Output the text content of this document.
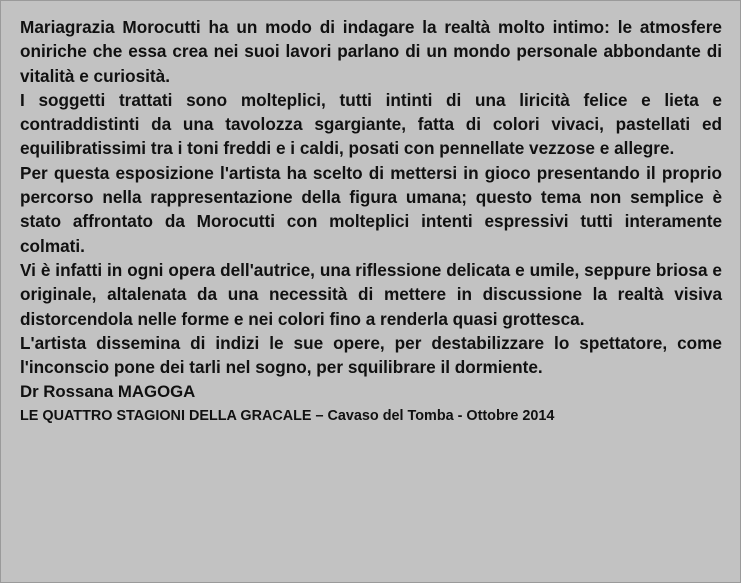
Mariagrazia Morocutti ha un modo di indagare la realtà molto intimo: le atmosfere oniriche che essa crea nei suoi lavori parlano di un mondo personale abbondante di vitalità e curiosità.

I soggetti trattati sono molteplici, tutti intinti di una liricità felice e lieta e contraddistinti da una tavolozza sgargiante, fatta di colori vivaci, pastellati ed equilibratissimi tra i toni freddi e i caldi, posati con pennellate vezzose e allegre.

Per questa esposizione l'artista ha scelto di mettersi in gioco presentando il proprio percorso nella rappresentazione della figura umana; questo tema non semplice è stato affrontato da Morocutti con molteplici intenti espressivi tutti interamente colmati.

Vi è infatti in ogni opera dell'autrice, una riflessione delicata e umile, seppure briosa e originale, altalenata da una necessità di mettere in discussione la realtà visiva distorcendola nelle forme e nei colori fino a renderla quasi grottesca.

L'artista dissemina di indizi le sue opere, per destabilizzare lo spettatore, come l'inconscio pone dei tarli nel sogno, per squilibrare il dormiente.

Dr Rossana MAGOGA

LE QUATTRO STAGIONI DELLA GRACALE – Cavaso del Tomba - Ottobre 2014
